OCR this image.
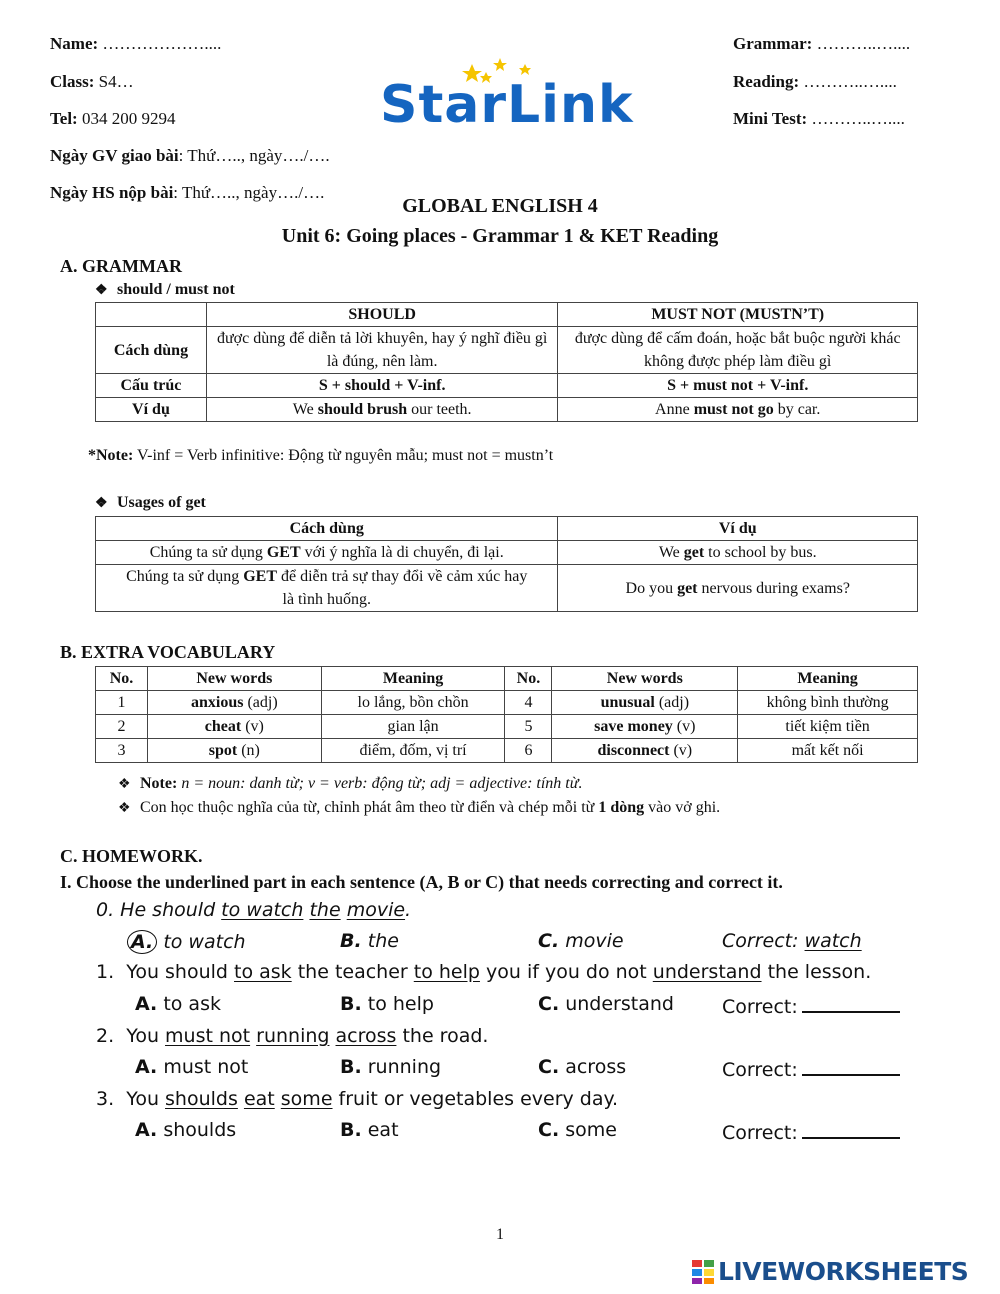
Name: ………………....
Class: S4…
Tel: 034 200 9294
Ngày GV giao bài: Thứ….., ngày…./….
Ngày HS nộp bài: Thứ….., ngày…./….
Grammar: ………..…....
Reading: ………..…....
Mini Test: ………..…....
StarLink
GLOBAL ENGLISH 4
Unit 6: Going places - Grammar 1 & KET Reading
A. GRAMMAR
❖ should / must not
	SHOULD	MUST NOT (MUSTN’T)
Cách dùng	được dùng để diễn tả lời khuyên, hay ý nghĩ điều gì là đúng, nên làm.	được dùng để cấm đoán, hoặc bắt buộc người khác không được phép làm điều gì
Cấu trúc	S + should + V-inf.	S + must not + V-inf.
Ví dụ	We should brush our teeth.	Anne must not go by car.
*Note: V-inf = Verb infinitive: Động từ nguyên mẫu; must not = mustn’t
❖ Usages of get
Cách dùng	Ví dụ
Chúng ta sử dụng GET với ý nghĩa là di chuyển, đi lại.	We get to school by bus.
Chúng ta sử dụng GET để diễn trả sự thay đổi về cảm xúc hay là tình huống.	Do you get nervous during exams?
B. EXTRA VOCABULARY
No.	New words	Meaning	No.	New words	Meaning
1	anxious (adj)	lo lắng, bồn chồn	4	unusual (adj)	không bình thường
2	cheat (v)	gian lận	5	save money (v)	tiết kiệm tiền
3	spot (n)	điểm, đốm, vị trí	6	disconnect (v)	mất kết nối
❖ Note: n = noun: danh từ; v = verb: động từ; adj = adjective: tính từ.
❖ Con học thuộc nghĩa của từ, chỉnh phát âm theo từ điển và chép mỗi từ 1 dòng vào vở ghi.
C. HOMEWORK.
I. Choose the underlined part in each sentence (A, B or C) that needs correcting and correct it.
0. He should to watch the movie.
A. to watch	B. the	C. movie	Correct: watch
1. You should to ask the teacher to help you if you do not understand the lesson.
A. to ask	B. to help	C. understand	Correct:
2. You must not running across the road.
A. must not	B. running	C. across	Correct:
3. You shoulds eat some fruit or vegetables every day.
A. shoulds	B. eat	C. some	Correct:
1
LIVEWORKSHEETS
